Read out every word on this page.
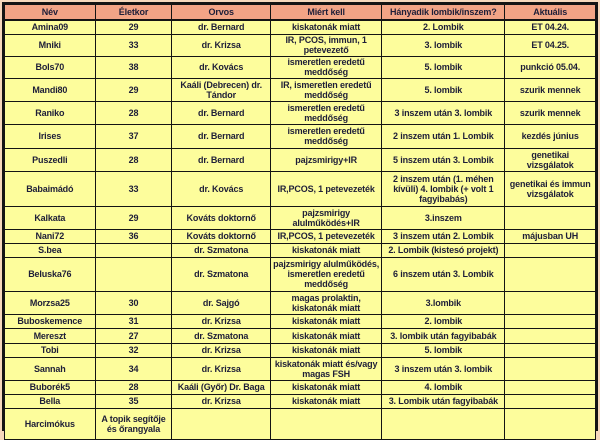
Név	Életkor	Orvos	Miért kell	Hányadik lombik/inszem?	Aktuális
Amina09	29	dr. Bernard	kiskatonák miatt	2. Lombik	ET 04.24.
Mniki	33	dr. Krizsa	IR, PCOS, immun, 1 petevezető	3. lombik	ET 04.25.
Bols70	38	dr. Kovács	ismeretlen eredetű meddőség	5. lombik	punkció 05.04.
Mandi80	29	Kaáli (Debrecen) dr. Tándor	IR, ismeretlen eredetű meddőség	5. lombik	szurik mennek
Raniko	28	dr. Bernard	ismeretlen eredetű meddőség	3 inszem után 3. lombik	szurik mennek
Irises	37	dr. Bernard	ismeretlen eredetű meddőség	2 inszem után 1. Lombik	kezdés június
Puszedli	28	dr. Bernard	pajzsmirigy+IR	5 inszem után 3. Lombik	genetikai vizsgálatok
Babaimádó	33	dr. Kovács	IR,PCOS, 1 petevezeték	2 inszem után (1. méhen kívüli) 4. lombik (+ volt 1 fagyibabás)	genetikai és immun vizsgálatok
Kalkata	29	Kováts doktornő	pajzsmirigy alulműködés+IR	3.inszem	
Nani72	36	Kováts doktornő	IR,PCOS, 1 petevezeték	3 inszem után 2. Lombik	májusban UH
S.bea		dr. Szmatona	kiskatonák miatt	2. Lombik (kistesó projekt)	
Beluska76		dr. Szmatona	pajzsmirigy alulműködés, ismeretlen eredetű meddőség	6 inszem után 3. Lombik	
Morzsa25	30	dr. Sajgó	magas prolaktin, kiskatonák miatt	3.lombik	
Buboskemence	31	dr. Krizsa	kiskatonák miatt	2. lombik	
Mereszt	27	dr. Szmatona	kiskatonák miatt	3. lombik után fagyibabák	
Tobi	32	dr. Krizsa	kiskatonák miatt	5. lombik	
Sannah	34	dr. Krizsa	kiskatonák miatt és/vagy magas FSH	3 inszem után 3. lombik	
Buborék5	28	Kaáli (Győr) Dr. Baga	kiskatonák miatt	4. lombik	
Bella	35	dr. Krizsa	kiskatonák miatt	3. Lombik után fagyibabák	
Harcimókus	A topik segítője és őrangyala				
